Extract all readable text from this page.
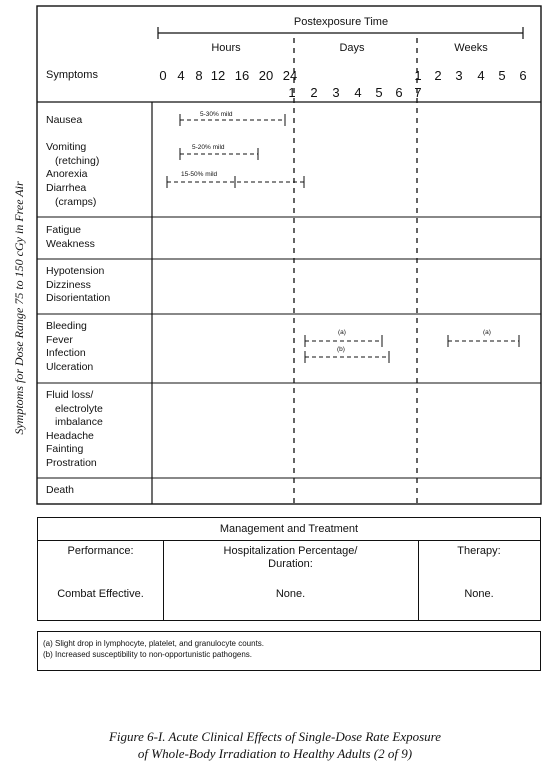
Symptoms for Dose Range 75 to 150 cGy in Free Air
Postexposure Time
Hours	Days	Weeks
Symptoms	0 4 8 12 16 20 24
1 2 3 4 5 6 7
1 2 3 4 5 6
5-30% mild
5-20% mild
15-50% mild
(a)
(b)
(a)
Nausea
Vomiting
(retching)
Anorexia
Diarrhea
(cramps)
Fatigue
Weakness
Hypotension
Dizziness
Disorientation
Bleeding
Fever
Infection
Ulceration
Fluid loss/
electrolyte
imbalance
Headache
Fainting
Prostration
Death
Management and Treatment
Performance:
Combat Effective.
Hospitalization Percentage/
Duration:
None.
Therapy:
None.
(a) Slight drop in lymphocyte, platelet, and granulocyte counts.
(b) Increased susceptibility to non-opportunistic pathogens.
Figure 6-I. Acute Clinical Effects of Single-Dose Rate Exposure
of Whole-Body Irradiation to Healthy Adults (2 of 9)
